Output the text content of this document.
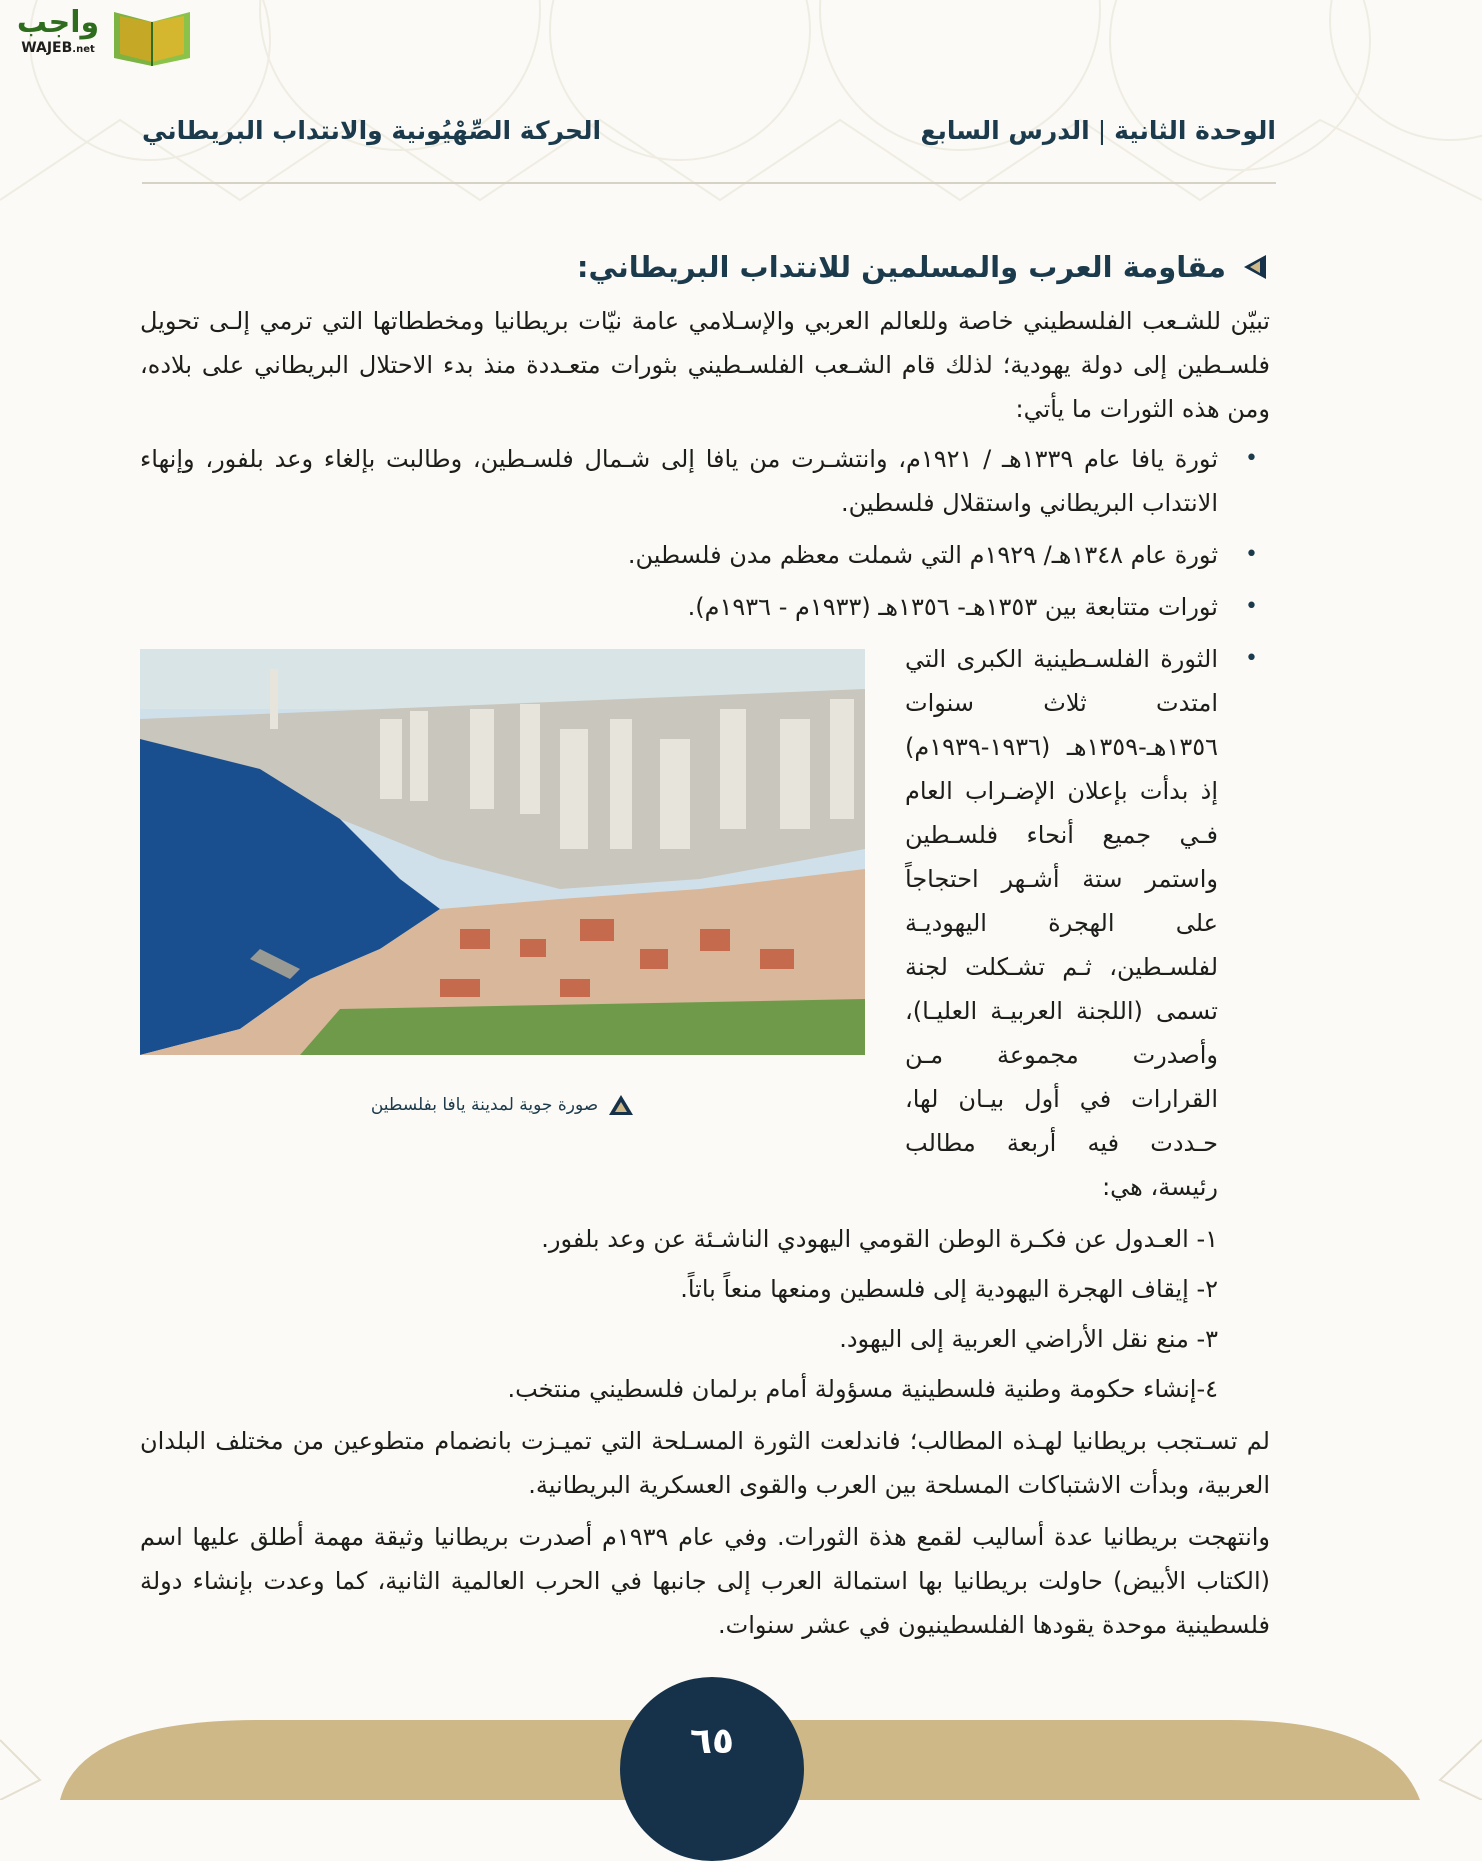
واجب
WAJEB.net
الوحدة الثانية|الدرس السابع
الحركة الصِّهْيُونية والانتداب البريطاني
مقاومة العرب والمسلمين للانتداب البريطاني:

تبيّن للشـعب الفلسطيني خاصة وللعالم العربي والإسـلامي عامة نيّات بريطانيا ومخططاتها التي ترمي إلـى تحويل فلسـطين إلى دولة يهودية؛ لذلك قام الشـعب الفلسـطيني بثورات متعـددة منذ بدء الاحتلال البريطاني على بلاده، ومن هذه الثورات ما يأتي:

• ثورة يافا عام ١٣٣٩هـ / ١٩٢١م، وانتشـرت من يافا إلى شـمال فلسـطين، وطالبت بإلغاء وعد بلفور، وإنهاء الانتداب البريطاني واستقلال فلسطين.
• ثورة عام ١٣٤٨هـ/ ١٩٢٩م التي شملت معظم مدن فلسطين.
• ثورات متتابعة بين ١٣٥٣هـ- ١٣٥٦هـ (١٩٣٣م - ١٩٣٦م).
• صورة جوية لمدينة يافا بفلسطين
الثورة الفلسـطينية الكبرى التي امتدت ثلاث سنوات ١٣٥٦هـ-١٣٥٩هـ (١٩٣٦-١٩٣٩م) إذ بدأت بإعلان الإضـراب العام فـي جميع أنحاء فلسـطين واستمر ستة أشـهر احتجاجاً على الهجرة اليهوديـة لفلسـطين، ثـم تشـكلت لجنة تسمى (اللجنة العربيـة العليـا)، وأصدرت مجموعة مـن القرارات في أول بيـان لها، حـددت فيه أربعة مطالب رئيسة، هي:

١- العـدول عن فكـرة الوطن القومي اليهودي الناشـئة عن وعد بلفور.

٢- إيقاف الهجرة اليهودية إلى فلسطين ومنعها منعاً باتاً.

٣- منع نقل الأراضي العربية إلى اليهود.

٤-إنشاء حكومة وطنية فلسطينية مسؤولة أمام برلمان فلسطيني منتخب.

لم تسـتجب بريطانيا لهـذه المطالب؛ فاندلعت الثورة المسـلحة التي تميـزت بانضمام متطوعين من مختلف البلدان العربية، وبدأت الاشتباكات المسلحة بين العرب والقوى العسكرية البريطانية.

وانتهجت بريطانيا عدة أساليب لقمع هذة الثورات. وفي عام ١٩٣٩م أصدرت بريطانيا وثيقة مهمة أطلق عليها اسم (الكتاب الأبيض) حاولت بريطانيا بها استمالة العرب إلى جانبها في الحرب العالمية الثانية، كما وعدت بإنشاء دولة فلسطينية موحدة يقودها الفلسطينيون في عشر سنوات.

٦٥
